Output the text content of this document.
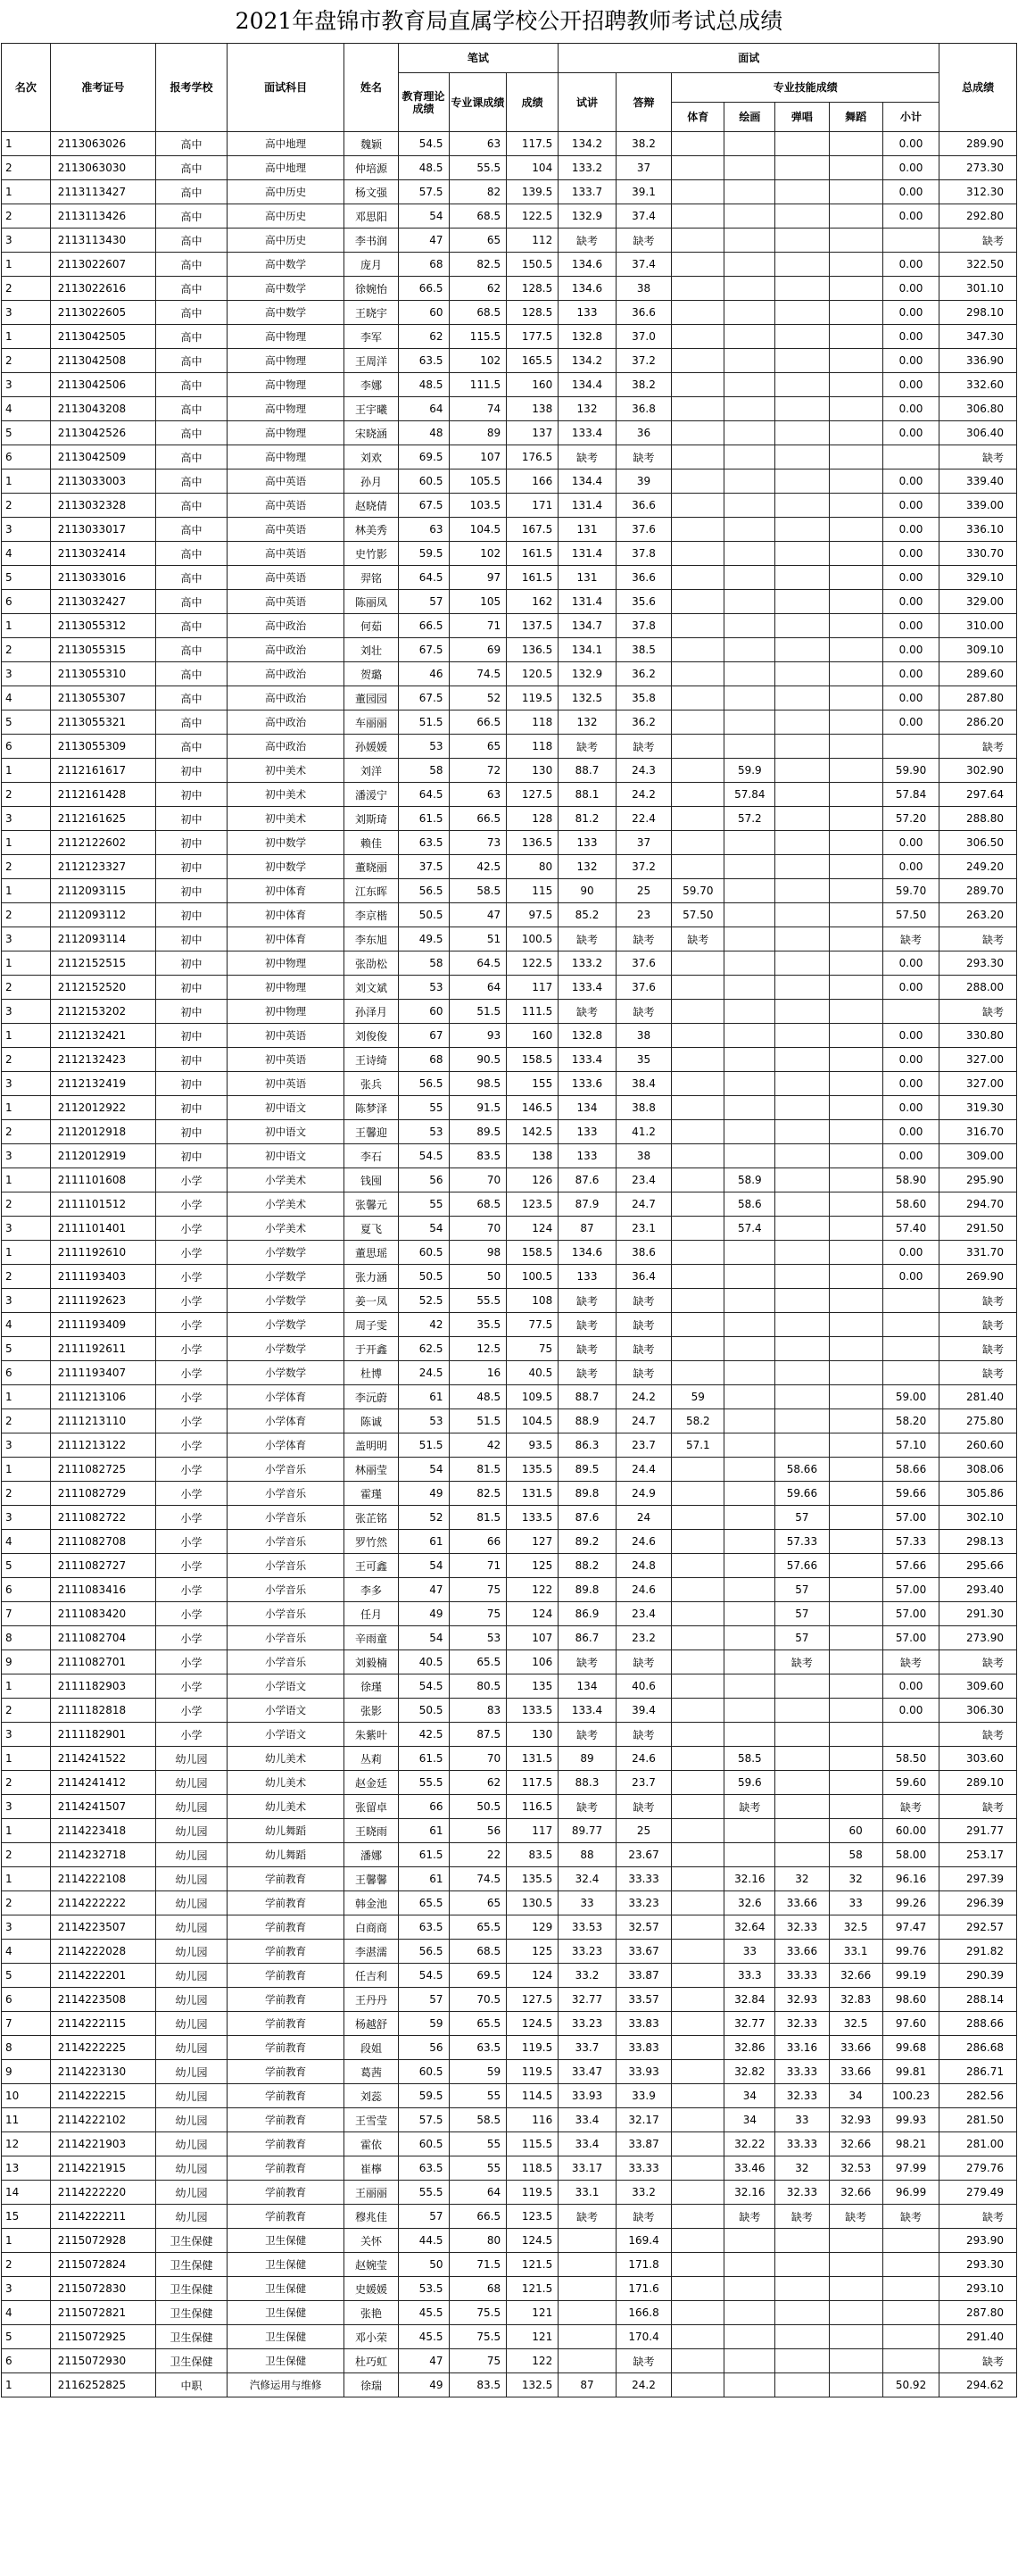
2021年盘锦市教育局直属学校公开招聘教师考试总成绩
名次	准考证号	报考学校	面试科目	姓名	笔试			面试							总成绩
					教育理论成绩	专业课成绩	成绩	试讲	答辩	专业技能成绩					
										体育	绘画	弹唱	舞蹈	小计	
1	2113063026	高中	高中地理	魏颖	54.5	63	117.5	134.2	38.2					0.00	289.90
2	2113063030	高中	高中地理	仲培源	48.5	55.5	104	133.2	37					0.00	273.30
1	2113113427	高中	高中历史	杨文强	57.5	82	139.5	133.7	39.1					0.00	312.30
2	2113113426	高中	高中历史	邓思阳	54	68.5	122.5	132.9	37.4					0.00	292.80
3	2113113430	高中	高中历史	李书润	47	65	112	缺考	缺考						缺考
1	2113022607	高中	高中数学	庞月	68	82.5	150.5	134.6	37.4					0.00	322.50
2	2113022616	高中	高中数学	徐婉怡	66.5	62	128.5	134.6	38					0.00	301.10
3	2113022605	高中	高中数学	王晓宇	60	68.5	128.5	133	36.6					0.00	298.10
1	2113042505	高中	高中物理	李军	62	115.5	177.5	132.8	37.0					0.00	347.30
2	2113042508	高中	高中物理	王周洋	63.5	102	165.5	134.2	37.2					0.00	336.90
3	2113042506	高中	高中物理	李娜	48.5	111.5	160	134.4	38.2					0.00	332.60
4	2113043208	高中	高中物理	王宇曦	64	74	138	132	36.8					0.00	306.80
5	2113042526	高中	高中物理	宋晓涵	48	89	137	133.4	36					0.00	306.40
6	2113042509	高中	高中物理	刘欢	69.5	107	176.5	缺考	缺考						缺考
1	2113033003	高中	高中英语	孙月	60.5	105.5	166	134.4	39					0.00	339.40
2	2113032328	高中	高中英语	赵晓倩	67.5	103.5	171	131.4	36.6					0.00	339.00
3	2113033017	高中	高中英语	林美秀	63	104.5	167.5	131	37.6					0.00	336.10
4	2113032414	高中	高中英语	史竹影	59.5	102	161.5	131.4	37.8					0.00	330.70
5	2113033016	高中	高中英语	羿铭	64.5	97	161.5	131	36.6					0.00	329.10
6	2113032427	高中	高中英语	陈丽凤	57	105	162	131.4	35.6					0.00	329.00
1	2113055312	高中	高中政治	何茹	66.5	71	137.5	134.7	37.8					0.00	310.00
2	2113055315	高中	高中政治	刘壮	67.5	69	136.5	134.1	38.5					0.00	309.10
3	2113055310	高中	高中政治	贺璐	46	74.5	120.5	132.9	36.2					0.00	289.60
4	2113055307	高中	高中政治	董园园	67.5	52	119.5	132.5	35.8					0.00	287.80
5	2113055321	高中	高中政治	车丽丽	51.5	66.5	118	132	36.2					0.00	286.20
6	2113055309	高中	高中政治	孙媛媛	53	65	118	缺考	缺考						缺考
1	2112161617	初中	初中美术	刘洋	58	72	130	88.7	24.3		59.9			59.90	302.90
2	2112161428	初中	初中美术	潘湲宁	64.5	63	127.5	88.1	24.2		57.84			57.84	297.64
3	2112161625	初中	初中美术	刘斯琦	61.5	66.5	128	81.2	22.4		57.2			57.20	288.80
1	2112122602	初中	初中数学	赖佳	63.5	73	136.5	133	37					0.00	306.50
2	2112123327	初中	初中数学	董晓丽	37.5	42.5	80	132	37.2					0.00	249.20
1	2112093115	初中	初中体育	江东晖	56.5	58.5	115	90	25	59.70				59.70	289.70
2	2112093112	初中	初中体育	李京楷	50.5	47	97.5	85.2	23	57.50				57.50	263.20
3	2112093114	初中	初中体育	李东旭	49.5	51	100.5	缺考	缺考	缺考				缺考	缺考
1	2112152515	初中	初中物理	张劭松	58	64.5	122.5	133.2	37.6					0.00	293.30
2	2112152520	初中	初中物理	刘文斌	53	64	117	133.4	37.6					0.00	288.00
3	2112153202	初中	初中物理	孙泽月	60	51.5	111.5	缺考	缺考						缺考
1	2112132421	初中	初中英语	刘俊俊	67	93	160	132.8	38					0.00	330.80
2	2112132423	初中	初中英语	王诗绮	68	90.5	158.5	133.4	35					0.00	327.00
3	2112132419	初中	初中英语	张兵	56.5	98.5	155	133.6	38.4					0.00	327.00
1	2112012922	初中	初中语文	陈梦泽	55	91.5	146.5	134	38.8					0.00	319.30
2	2112012918	初中	初中语文	王馨迎	53	89.5	142.5	133	41.2					0.00	316.70
3	2112012919	初中	初中语文	李石	54.5	83.5	138	133	38					0.00	309.00
1	2111101608	小学	小学美术	钱囤	56	70	126	87.6	23.4		58.9			58.90	295.90
2	2111101512	小学	小学美术	张馨元	55	68.5	123.5	87.9	24.7		58.6			58.60	294.70
3	2111101401	小学	小学美术	夏飞	54	70	124	87	23.1		57.4			57.40	291.50
1	2111192610	小学	小学数学	董思瑶	60.5	98	158.5	134.6	38.6					0.00	331.70
2	2111193403	小学	小学数学	张力涵	50.5	50	100.5	133	36.4					0.00	269.90
3	2111192623	小学	小学数学	姜一凤	52.5	55.5	108	缺考	缺考						缺考
4	2111193409	小学	小学数学	周子雯	42	35.5	77.5	缺考	缺考						缺考
5	2111192611	小学	小学数学	于开鑫	62.5	12.5	75	缺考	缺考						缺考
6	2111193407	小学	小学数学	杜博	24.5	16	40.5	缺考	缺考						缺考
1	2111213106	小学	小学体育	李沅蔚	61	48.5	109.5	88.7	24.2	59				59.00	281.40
2	2111213110	小学	小学体育	陈诚	53	51.5	104.5	88.9	24.7	58.2				58.20	275.80
3	2111213122	小学	小学体育	盖明明	51.5	42	93.5	86.3	23.7	57.1				57.10	260.60
1	2111082725	小学	小学音乐	林丽莹	54	81.5	135.5	89.5	24.4			58.66		58.66	308.06
2	2111082729	小学	小学音乐	霍瑾	49	82.5	131.5	89.8	24.9			59.66		59.66	305.86
3	2111082722	小学	小学音乐	张芷铭	52	81.5	133.5	87.6	24			57		57.00	302.10
4	2111082708	小学	小学音乐	罗竹然	61	66	127	89.2	24.6			57.33		57.33	298.13
5	2111082727	小学	小学音乐	王可鑫	54	71	125	88.2	24.8			57.66		57.66	295.66
6	2111083416	小学	小学音乐	李多	47	75	122	89.8	24.6			57		57.00	293.40
7	2111083420	小学	小学音乐	任月	49	75	124	86.9	23.4			57		57.00	291.30
8	2111082704	小学	小学音乐	辛雨童	54	53	107	86.7	23.2			57		57.00	273.90
9	2111082701	小学	小学音乐	刘毅楠	40.5	65.5	106	缺考	缺考			缺考		缺考	缺考
1	2111182903	小学	小学语文	徐瑾	54.5	80.5	135	134	40.6					0.00	309.60
2	2111182818	小学	小学语文	张影	50.5	83	133.5	133.4	39.4					0.00	306.30
3	2111182901	小学	小学语文	朱紫叶	42.5	87.5	130	缺考	缺考						缺考
1	2114241522	幼儿园	幼儿美术	丛莉	61.5	70	131.5	89	24.6		58.5			58.50	303.60
2	2114241412	幼儿园	幼儿美术	赵金廷	55.5	62	117.5	88.3	23.7		59.6			59.60	289.10
3	2114241507	幼儿园	幼儿美术	张留卓	66	50.5	116.5	缺考	缺考		缺考			缺考	缺考
1	2114223418	幼儿园	幼儿舞蹈	王晓雨	61	56	117	89.77	25				60	60.00	291.77
2	2114232718	幼儿园	幼儿舞蹈	潘娜	61.5	22	83.5	88	23.67				58	58.00	253.17
1	2114222108	幼儿园	学前教育	王馨馨	61	74.5	135.5	32.4	33.33		32.16	32	32	96.16	297.39
2	2114222222	幼儿园	学前教育	韩金池	65.5	65	130.5	33	33.23		32.6	33.66	33	99.26	296.39
3	2114223507	幼儿园	学前教育	白商商	63.5	65.5	129	33.53	32.57		32.64	32.33	32.5	97.47	292.57
4	2114222028	幼儿园	学前教育	李湛濡	56.5	68.5	125	33.23	33.67		33	33.66	33.1	99.76	291.82
5	2114222201	幼儿园	学前教育	任吉利	54.5	69.5	124	33.2	33.87		33.3	33.33	32.66	99.19	290.39
6	2114223508	幼儿园	学前教育	王丹丹	57	70.5	127.5	32.77	33.57		32.84	32.93	32.83	98.60	288.14
7	2114222115	幼儿园	学前教育	杨越舒	59	65.5	124.5	33.23	33.83		32.77	32.33	32.5	97.60	288.66
8	2114222225	幼儿园	学前教育	段姐	56	63.5	119.5	33.7	33.83		32.86	33.16	33.66	99.68	286.68
9	2114223130	幼儿园	学前教育	葛茜	60.5	59	119.5	33.47	33.93		32.82	33.33	33.66	99.81	286.71
10	2114222215	幼儿园	学前教育	刘蕊	59.5	55	114.5	33.93	33.9		34	32.33	34	100.23	282.56
11	2114222102	幼儿园	学前教育	王雪莹	57.5	58.5	116	33.4	32.17		34	33	32.93	99.93	281.50
12	2114221903	幼儿园	学前教育	霍依	60.5	55	115.5	33.4	33.87		32.22	33.33	32.66	98.21	281.00
13	2114221915	幼儿园	学前教育	崔檸	63.5	55	118.5	33.17	33.33		33.46	32	32.53	97.99	279.76
14	2114222220	幼儿园	学前教育	王丽丽	55.5	64	119.5	33.1	33.2		32.16	32.33	32.66	96.99	279.49
15	2114222211	幼儿园	学前教育	穆兆佳	57	66.5	123.5	缺考	缺考		缺考	缺考	缺考	缺考	缺考
1	2115072928	卫生保健	卫生保健	关怀	44.5	80	124.5		169.4						293.90
2	2115072824	卫生保健	卫生保健	赵婉莹	50	71.5	121.5		171.8						293.30
3	2115072830	卫生保健	卫生保健	史媛媛	53.5	68	121.5		171.6						293.10
4	2115072821	卫生保健	卫生保健	张艳	45.5	75.5	121		166.8						287.80
5	2115072925	卫生保健	卫生保健	邓小荣	45.5	75.5	121		170.4						291.40
6	2115072930	卫生保健	卫生保健	杜巧虹	47	75	122		缺考						缺考
1	2116252825	中职	汽修运用与维修	徐瑞	49	83.5	132.5	87	24.2					50.92	294.62
